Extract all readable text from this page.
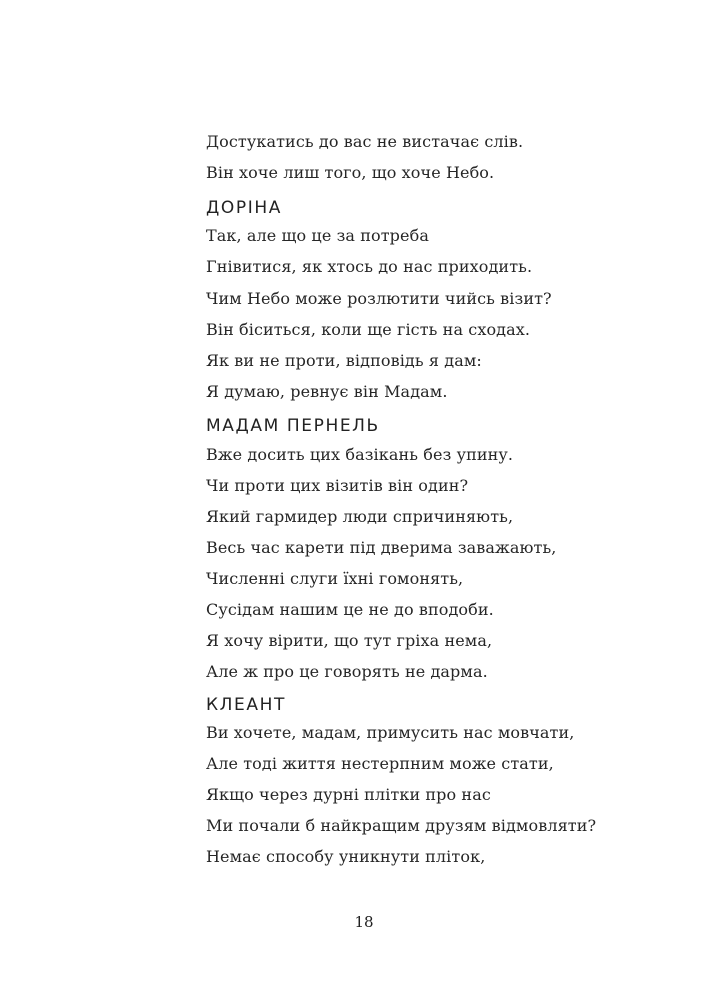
Достукатись до вас не вистачає слів.
Він хоче лиш того, що хоче Небо.
ДОРІНА
Так, але що це за потреба
Гнівитися, як хтось до нас приходить.
Чим Небо може розлютити чийсь візит?
Він біситься, коли ще гість на сходах.
Як ви не проти, відповідь я дам:
Я думаю, ревнує він Мадам.
МАДАМ ПЕРНЕЛЬ
Вже досить цих базікань без упину.
Чи проти цих візитів він один?
Який гармидер люди спричиняють,
Весь час карети під дверима заважають,
Численні слуги їхні гомонять,
Сусідам нашим це не до вподоби.
Я хочу вірити, що тут гріха нема,
Але ж про це говорять не дарма.
КЛЕАНТ
Ви хочете, мадам, примусить нас мовчати,
Але тоді життя нестерпним може стати,
Якщо через дурні плітки про нас
Ми почали б найкращим друзям відмовляти?
Немає способу уникнути пліток,
18
